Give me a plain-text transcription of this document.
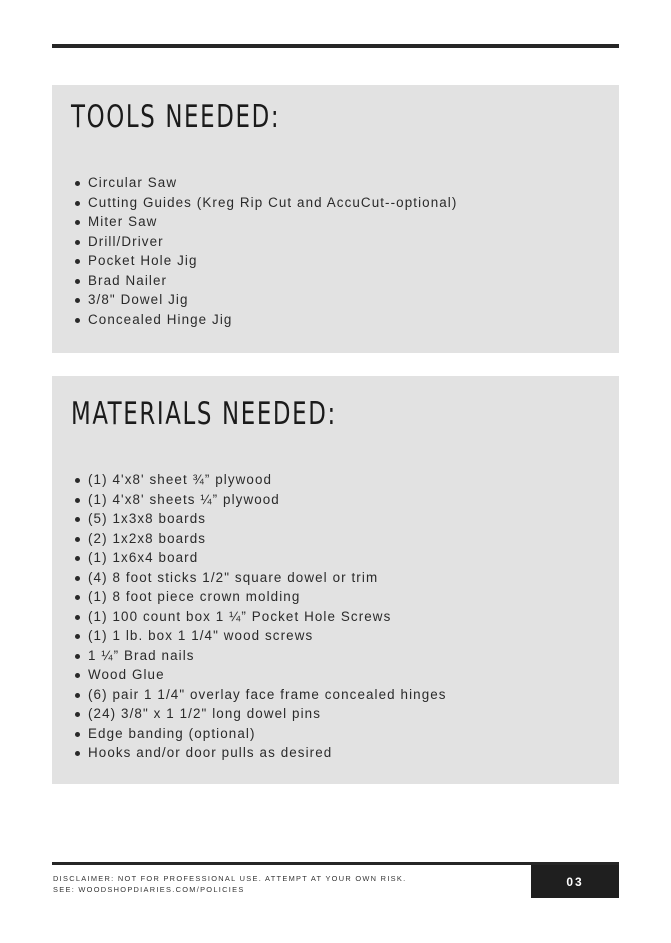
TOOLS NEEDED:
Circular Saw
Cutting Guides (Kreg Rip Cut and AccuCut--optional)
Miter Saw
Drill/Driver
Pocket Hole Jig
Brad Nailer
3/8" Dowel Jig
Concealed Hinge Jig
MATERIALS NEEDED:
(1) 4'x8' sheet ¾” plywood
(1) 4'x8' sheets ¼” plywood
(5) 1x3x8 boards
(2) 1x2x8 boards
(1) 1x6x4 board
(4) 8 foot sticks 1/2" square dowel or trim
(1) 8 foot piece crown molding
(1) 100 count box 1 ¼” Pocket Hole Screws
(1) 1 lb. box 1 1/4" wood screws
1 ¼” Brad nails
Wood Glue
(6) pair 1 1/4" overlay face frame concealed hinges
(24) 3/8" x 1 1/2" long dowel pins
Edge banding (optional)
Hooks and/or door pulls as desired
DISCLAIMER: NOT FOR PROFESSIONAL USE. ATTEMPT AT YOUR OWN RISK.
SEE: WOODSHOPDIARIES.COM/POLICIES
03
